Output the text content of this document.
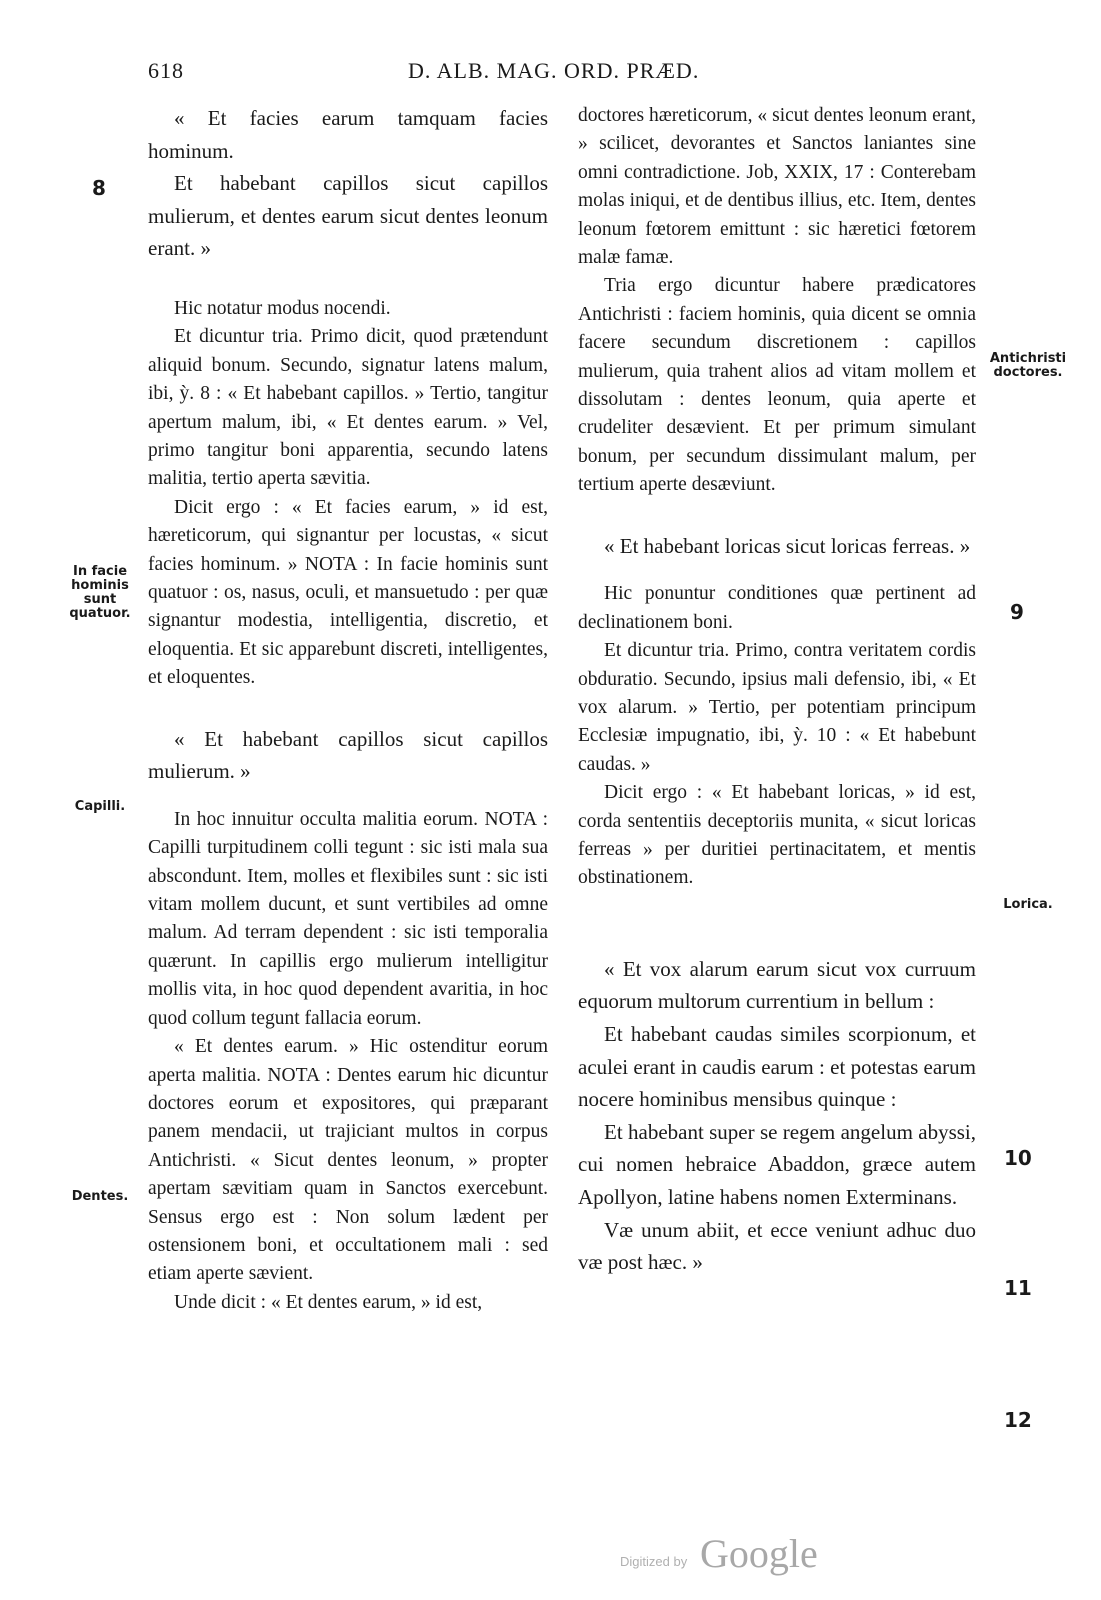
618	D. ALB. MAG. ORD. PRÆD.
8
In facie hominis sunt quatuor.
Capilli.
Dentes.
Antichristi doctores.
9
Lorica.
10
11
12

« Et facies earum tamquam facies hominum.

Et habebant capillos sicut capillos mulierum, et dentes earum sicut dentes leonum erant. »

Hic notatur modus nocendi.

Et dicuntur tria. Primo dicit, quod prætendunt aliquid bonum. Secundo, signatur latens malum, ibi, ỳ. 8 : « Et habebant capillos. » Tertio, tangitur apertum malum, ibi, « Et dentes earum. » Vel, primo tangitur boni apparentia, secundo latens malitia, tertio aperta sævitia.

Dicit ergo : « Et facies earum, » id est, hæreticorum, qui signantur per locustas, « sicut facies hominum. » NOTA : In facie hominis sunt quatuor : os, nasus, oculi, et mansuetudo : per quæ signantur modestia, intelligentia, discretio, et eloquentia. Et sic apparebunt discreti, intelligentes, et eloquentes.

« Et habebant capillos sicut capillos mulierum. »

In hoc innuitur occulta malitia eorum. NOTA : Capilli turpitudinem colli tegunt : sic isti mala sua abscondunt. Item, molles et flexibiles sunt : sic isti vitam mollem ducunt, et sunt vertibiles ad omne malum. Ad terram dependent : sic isti temporalia quærunt. In capillis ergo mulierum intelligitur mollis vita, in hoc quod dependent avaritia, in hoc quod collum tegunt fallacia eorum.

« Et dentes earum. » Hic ostenditur eorum aperta malitia. NOTA : Dentes earum hic dicuntur doctores eorum et expositores, qui præparant panem mendacii, ut trajiciant multos in corpus Antichristi. « Sicut dentes leonum, » propter apertam sævitiam quam in Sanctos exercebunt. Sensus ergo est : Non solum lædent per ostensionem boni, et occultationem mali : sed etiam aperte sævient.

Unde dicit : « Et dentes earum, » id est,

doctores hæreticorum, « sicut dentes leonum erant, » scilicet, devorantes et Sanctos laniantes sine omni contradictione. Job, XXIX, 17 : Conterebam molas iniqui, et de dentibus illius, etc. Item, dentes leonum fœtorem emittunt : sic hæretici fœtorem malæ famæ.

Tria ergo dicuntur habere prædicatores Antichristi : faciem hominis, quia dicent se omnia facere secundum discretionem : capillos mulierum, quia trahent alios ad vitam mollem et dissolutam : dentes leonum, quia aperte et crudeliter desævient. Et per primum simulant bonum, per secundum dissimulant malum, per tertium aperte desæviunt.

« Et habebant loricas sicut loricas ferreas. »

Hic ponuntur conditiones quæ pertinent ad declinationem boni.

Et dicuntur tria. Primo, contra veritatem cordis obduratio. Secundo, ipsius mali defensio, ibi, « Et vox alarum. » Tertio, per potentiam principum Ecclesiæ impugnatio, ibi, ỳ. 10 : « Et habebunt caudas. »

Dicit ergo : « Et habebant loricas, » id est, corda sententiis deceptoriis munita, « sicut loricas ferreas » per duritiei pertinacitatem, et mentis obstinationem.

« Et vox alarum earum sicut vox curruum equorum multorum currentium in bellum :

Et habebant caudas similes scorpionum, et aculei erant in caudis earum : et potestas earum nocere hominibus mensibus quinque :

Et habebant super se regem angelum abyssi, cui nomen hebraice Abaddon, græce autem Apollyon, latine habens nomen Exterminans.

Væ unum abiit, et ecce veniunt adhuc duo væ post hæc. »

Digitized by Google
